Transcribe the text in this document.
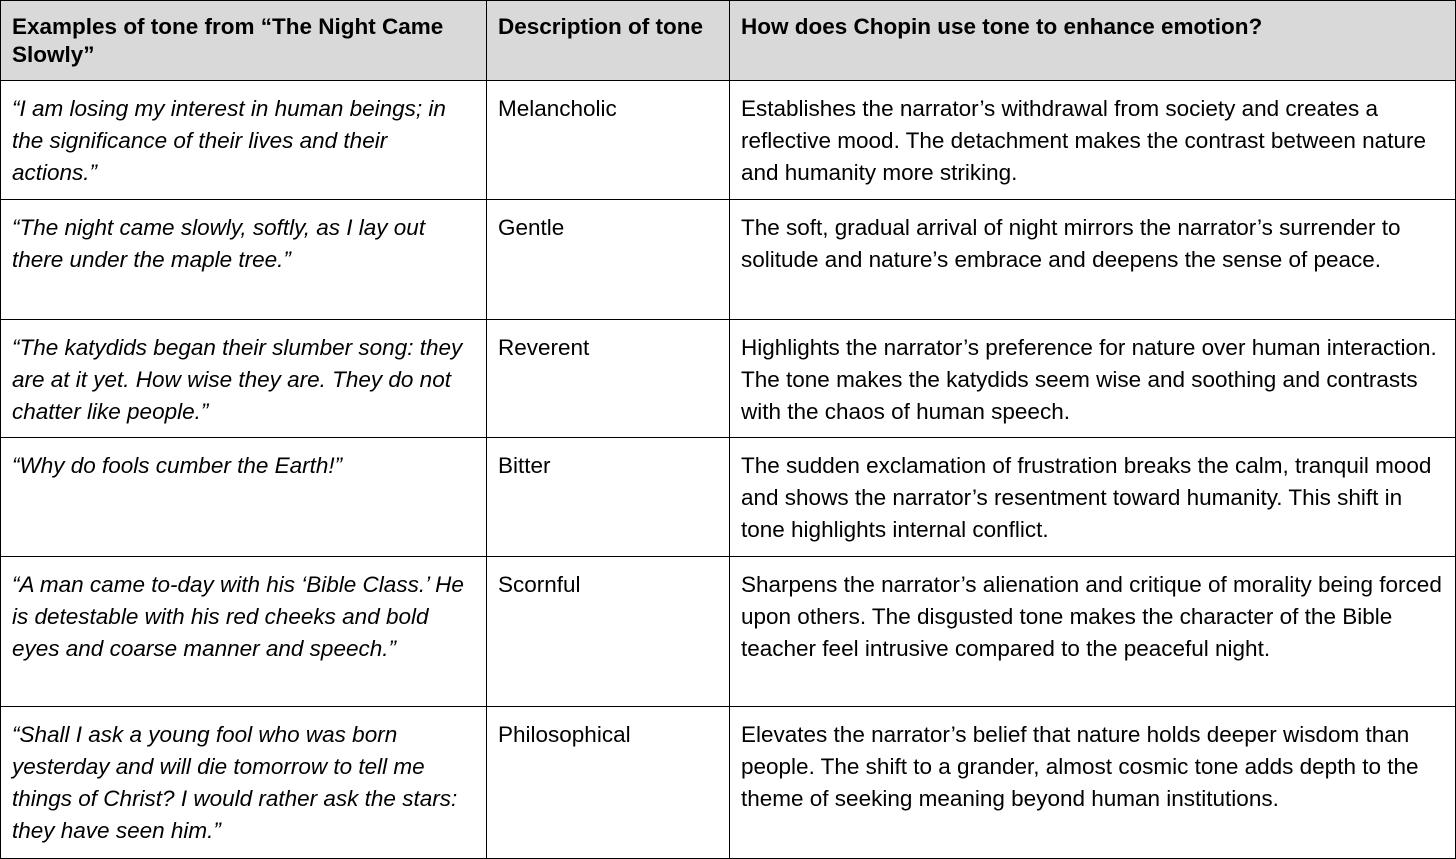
Examples of tone from “The Night Came Slowly”	Description of tone	How does Chopin use tone to enhance emotion?
“I am losing my interest in human beings; in the significance of their lives and their actions.”	Melancholic	Establishes the narrator’s withdrawal from society and creates a reflective mood. The detachment makes the contrast between nature and humanity more striking.
“The night came slowly, softly, as I lay out there under the maple tree.”	Gentle	The soft, gradual arrival of night mirrors the narrator’s surrender to solitude and nature’s embrace and deepens the sense of peace.
“The katydids began their slumber song: they are at it yet. How wise they are. They do not chatter like people.”	Reverent	Highlights the narrator’s preference for nature over human interaction. The tone makes the katydids seem wise and soothing and contrasts with the chaos of human speech.
“Why do fools cumber the Earth!”	Bitter	The sudden exclamation of frustration breaks the calm, tranquil mood and shows the narrator’s resentment toward humanity. This shift in tone highlights internal conflict.
“A man came to-day with his ‘Bible Class.’ He is detestable with his red cheeks and bold eyes and coarse manner and speech.”	Scornful	Sharpens the narrator’s alienation and critique of morality being forced upon others. The disgusted tone makes the character of the Bible teacher feel intrusive compared to the peaceful night.
“Shall I ask a young fool who was born yesterday and will die tomorrow to tell me things of Christ? I would rather ask the stars: they have seen him.”	Philosophical	Elevates the narrator’s belief that nature holds deeper wisdom than people. The shift to a grander, almost cosmic tone adds depth to the theme of seeking meaning beyond human institutions.
